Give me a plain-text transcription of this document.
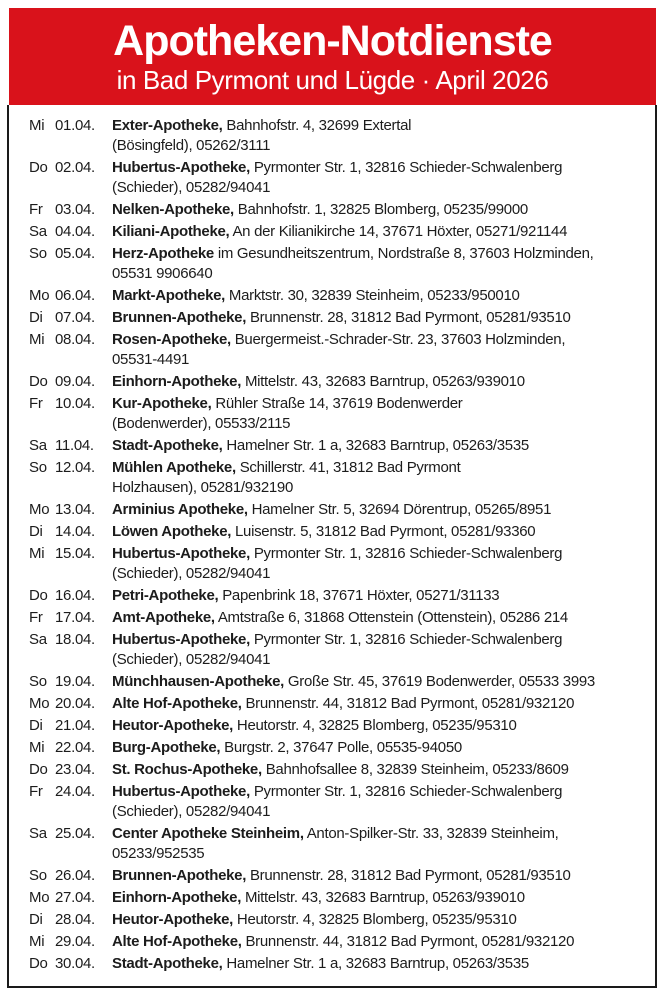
Apotheken-Notdienste
in Bad Pyrmont und Lügde · April 2026
Mi 01.04.	Exter-Apotheke, Bahnhofstr. 4, 32699 Extertal
(Bösingfeld), 05262/3111
Do 02.04.	Hubertus-Apotheke, Pyrmonter Str. 1, 32816 Schieder-Schwalenberg
(Schieder), 05282/94041
Fr 03.04.	Nelken-Apotheke, Bahnhofstr. 1, 32825 Blomberg, 05235/99000
Sa 04.04.	Kiliani-Apotheke, An der Kilianikirche 14, 37671 Höxter, 05271/921144
So 05.04.	Herz-Apotheke im Gesundheitszentrum, Nordstraße 8, 37603 Holzminden,
05531 9906640
Mo 06.04.	Markt-Apotheke, Marktstr. 30, 32839 Steinheim, 05233/950010
Di 07.04.	Brunnen-Apotheke, Brunnenstr. 28, 31812 Bad Pyrmont, 05281/93510
Mi 08.04.	Rosen-Apotheke, Buergermeist.-Schrader-Str. 23, 37603 Holzminden,
05531-4491
Do 09.04.	Einhorn-Apotheke, Mittelstr. 43, 32683 Barntrup, 05263/939010
Fr 10.04.	Kur-Apotheke, Rühler Straße 14, 37619 Bodenwerder
(Bodenwerder), 05533/2115
Sa 11.04.	Stadt-Apotheke, Hamelner Str. 1 a, 32683 Barntrup, 05263/3535
So 12.04.	Mühlen Apotheke, Schillerstr. 41, 31812 Bad Pyrmont
Holzhausen), 05281/932190
Mo 13.04.	Arminius Apotheke, Hamelner Str. 5, 32694 Dörentrup, 05265/8951
Di 14.04.	Löwen Apotheke, Luisenstr. 5, 31812 Bad Pyrmont, 05281/93360
Mi 15.04.	Hubertus-Apotheke, Pyrmonter Str. 1, 32816 Schieder-Schwalenberg
(Schieder), 05282/94041
Do 16.04.	Petri-Apotheke, Papenbrink 18, 37671 Höxter, 05271/31133
Fr 17.04.	Amt-Apotheke, Amtstraße 6, 31868 Ottenstein (Ottenstein), 05286 214
Sa 18.04.	Hubertus-Apotheke, Pyrmonter Str. 1, 32816 Schieder-Schwalenberg
(Schieder), 05282/94041
So 19.04.	Münchhausen-Apotheke, Große Str. 45, 37619 Bodenwerder, 05533 3993
Mo 20.04.	Alte Hof-Apotheke, Brunnenstr. 44, 31812 Bad Pyrmont, 05281/932120
Di 21.04.	Heutor-Apotheke, Heutorstr. 4, 32825 Blomberg, 05235/95310
Mi 22.04.	Burg-Apotheke, Burgstr. 2, 37647 Polle, 05535-94050
Do 23.04.	St. Rochus-Apotheke, Bahnhofsallee 8, 32839 Steinheim, 05233/8609
Fr 24.04.	Hubertus-Apotheke, Pyrmonter Str. 1, 32816 Schieder-Schwalenberg
(Schieder), 05282/94041
Sa 25.04.	Center Apotheke Steinheim, Anton-Spilker-Str. 33, 32839 Steinheim,
05233/952535
So 26.04.	Brunnen-Apotheke, Brunnenstr. 28, 31812 Bad Pyrmont, 05281/93510
Mo 27.04.	Einhorn-Apotheke, Mittelstr. 43, 32683 Barntrup, 05263/939010
Di 28.04.	Heutor-Apotheke, Heutorstr. 4, 32825 Blomberg, 05235/95310
Mi 29.04.	Alte Hof-Apotheke, Brunnenstr. 44, 31812 Bad Pyrmont, 05281/932120
Do 30.04.	Stadt-Apotheke, Hamelner Str. 1 a, 32683 Barntrup, 05263/3535
